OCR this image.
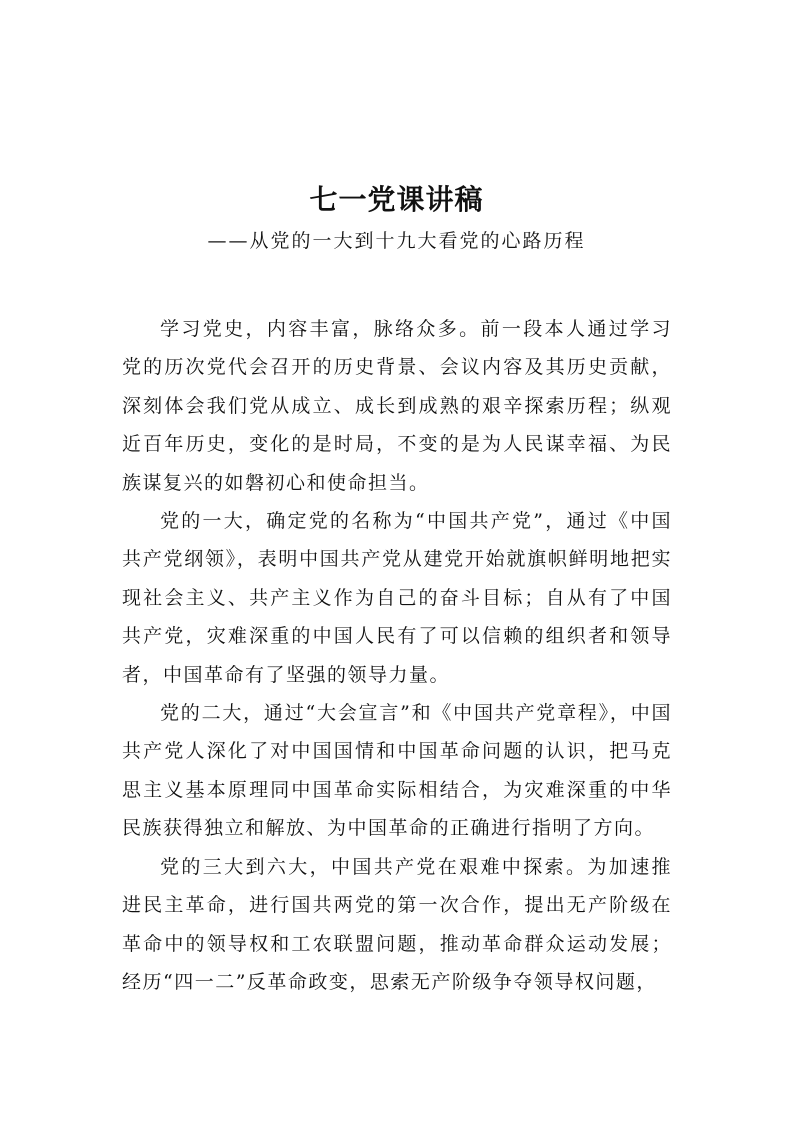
七一党课讲稿
——从党的一大到十九大看党的心路历程

学习党史，内容丰富，脉络众多。前一段本人通过学习党的历次党代会召开的历史背景、会议内容及其历史贡献，深刻体会我们党从成立、成长到成熟的艰辛探索历程；纵观近百年历史，变化的是时局，不变的是为人民谋幸福、为民族谋复兴的如磐初心和使命担当。

党的一大，确定党的名称为“中国共产党”，通过《中国共产党纲领》，表明中国共产党从建党开始就旗帜鲜明地把实现社会主义、共产主义作为自己的奋斗目标；自从有了中国共产党，灾难深重的中国人民有了可以信赖的组织者和领导者，中国革命有了坚强的领导力量。

党的二大，通过“大会宣言”和《中国共产党章程》，中国共产党人深化了对中国国情和中国革命问题的认识，把马克思主义基本原理同中国革命实际相结合，为灾难深重的中华民族获得独立和解放、为中国革命的正确进行指明了方向。

党的三大到六大，中国共产党在艰难中探索。为加速推进民主革命，进行国共两党的第一次合作，提出无产阶级在革命中的领导权和工农联盟问题，推动革命群众运动发展；经历“四一二”反革命政变，思索无产阶级争夺领导权问题，
